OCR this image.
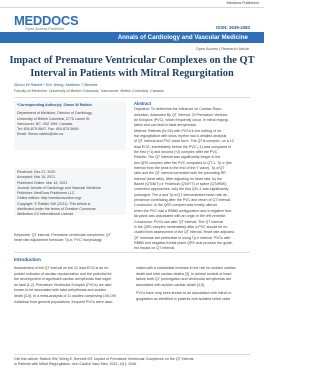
Meddocs Publishers
MEDDOCS
Open Access Publisher	ISSN: 2639-4383
Annals of Cardiology and Vascular Medicine
Open Access | Research Article
Impact of Premature Ventricular Complexes on the QT Interval in Patients with Mitral Regurgitation
Simon W Rabkin*; Eric Wong; Matthew T Bennett
Faculty of Medicine, University of British Columbia, Vancouver, British Columbia, Canada.
*Corresponding Author(s): Simon W Rabkin
Department of Medicine, Division of Cardiology,
University of British Columbia, 2775 Laurel St,
Vancouver, BC, V5Z 1M9, Canada.
Tel: 604-875-5847, Fax: 604-875-5849;
Email: Simon.rabkin@ubc.ca
Received: Dec 27, 2020
Accepted: Mar 15, 2021
Published Online: Mar 18, 2021
Journal: Annals of Cardiology and Vascular Medicine
Publisher: MedDocs Publishers LLC
Online edition: http://meddocsonline.org/
Copyright: © Rabkin SW (2021). This Article is
distributed under the terms of Creative Commons
Attribution 4.0 International License
Keywords: QT interval; Premature ventricular complexes; QT
heart rate adjustment formulae; Tp-e; PVC morphology.
Abstract
Objective: To determine the Influence on Cardiac Repo-
larization, Assessed By QT Interval, Of Premature Ventricu-
lar Ectopics (PVC), which frequently occur, in mitral regurgi-
tation and can lead to fatal arrhythmias.
Method: Patients (N=20) with PVCs in the setting of mi-
tral regurgitation with sinus rhythm had a detailed analysis
of QT interval and PVC wave form. The QTIs complex, on a 12
lead ECG, immediately before the PVC (-1) was compared to
the first (+1) and second (+2) complex after the PVC.
Results: The QT interval was significantly longer in the
two QRS complex after the PVC compared to QT-1. Tp-e (the
interval from the peak to the end of the T wave). Tp-e/QT
ratio and the QT interval correlated with the preceding RR
interval (beat ratio). After adjusting for heart rate, by the
Bazett (QTcB/T) or Fridericia (QTcF/T) or spline (QTcRBK)
correction approaches, only the first QTc-1 was significantly
prolonged. The a and Tp-e/QT demonstrated heart rate de-
pendence correlating after the PVC and return of QT interval.
Conclusion: In the QRS complex was mostly altered
when the PVC had a RBBB configuration and a negative fron-
tal plane axis associated with an origin in the left ventricle.
Conclusion: PVCs can alter QT interval. The QT interval
in the QRS complex immediately after a PVC should be ex-
cluded from assessment of the QT interval. Heart rate adjusted
QT formulae are preferable to using Tp-e interval. PVCs with
RBBB and negative frontal plane QRS axis produce the great-
est impact on QT interval.
Introduction
Assessment of the QT interval on the 12 lead ECG is an im-
portant indicator of cardiac repolarization and the potential for
the development of significant cardiac arrhythmias that might
be fatal [1,2]. Premature Ventricular Ectopics (PVCs) are also
known to be associated with fatal arrhythmias and sudden
death [3-5]. In a meta-analysis of 11 studies comprising 106,195
individual from general populations, frequent PVCs were asso-
ciated with a substantial increase in the risk for sudden cardiac
death and total cardiac deaths [3]. In animal models of heart
failure both QT prolongation and ventricular arrhythmias are
associated with sudden cardiac death [4,5].
PVCs have long been known to be associated with mitral re-
gurgitation as identified in patients with isolated mitral valve
Cite this article: Rabkin SW, Wong E, Bennett MT. Impact of Premature Ventricular Complexes on the QT Interval
in Patients with Mitral Regurgitation. Ann Cardiol Vasc Med. 2021; 4(1): 1048.
